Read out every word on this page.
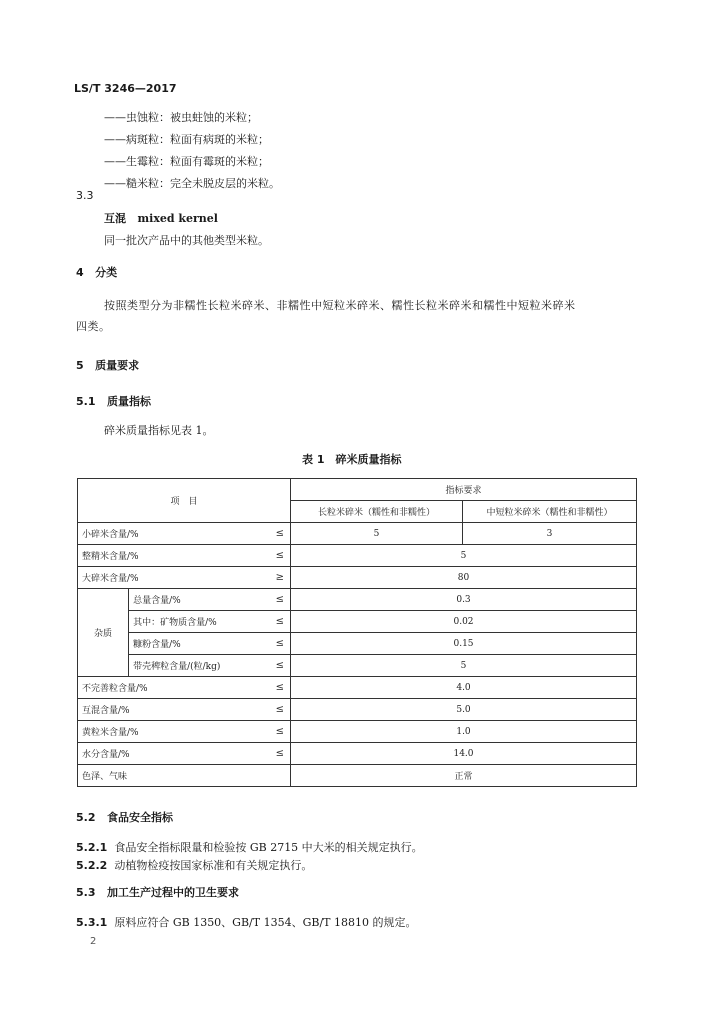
LS/T 3246—2017
——虫蚀粒：被虫蛀蚀的米粒；
——病斑粒：粒面有病斑的米粒；
——生霉粒：粒面有霉斑的米粒；
——糙米粒：完全未脱皮层的米粒。
3.3
互混 mixed kernel
同一批次产品中的其他类型米粒。
4 分类
按照类型分为非糯性长粒米碎米、非糯性中短粒米碎米、糯性长粒米碎米和糯性中短粒米碎米
四类。
5 质量要求
5.1 质量指标
碎米质量指标见表 1。
表 1　碎米质量指标
项　目			指标要求	
			长粒米碎米（糯性和非糯性）	中短粒米碎米（糯性和非糯性）
小碎米含量/%		≤	5	3
整精米含量/%		≤	5	
大碎米含量/%		≥	80	
杂质	总量含量/%	≤	0.3	
	其中：矿物质含量/%	≤	0.02	
	糠粉含量/%	≤	0.15	
	带壳稗粒含量/(粒/kg)	≤	5	
不完善粒含量/%		≤	4.0	
互混含量/%		≤	5.0	
黄粒米含量/%		≤	1.0	
水分含量/%		≤	14.0	
色泽、气味			正常	
5.2 食品安全指标
5.2.1 食品安全指标限量和检验按 GB 2715 中大米的相关规定执行。
5.2.2 动植物检疫按国家标准和有关规定执行。
5.3 加工生产过程中的卫生要求
5.3.1 原料应符合 GB 1350、GB/T 1354、GB/T 18810 的规定。
2
